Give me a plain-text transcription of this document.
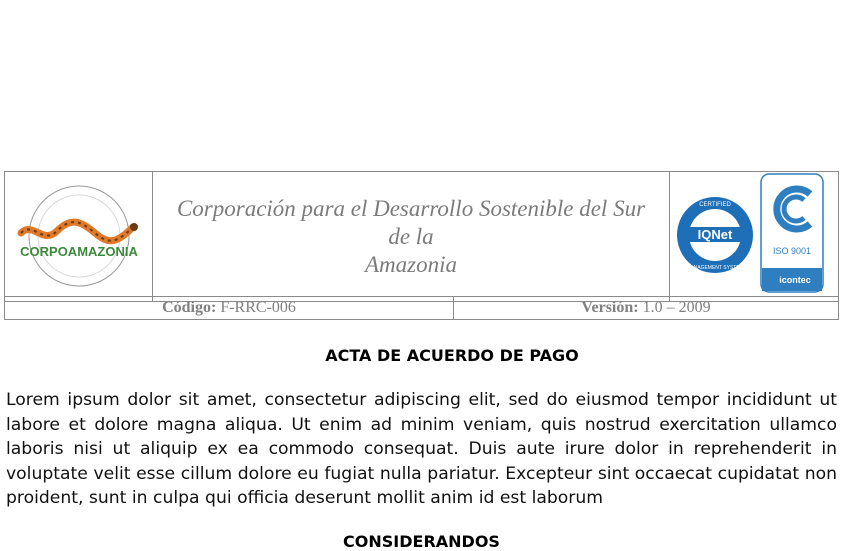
CORPOAMAZONIA

Corporación para el Desarrollo Sostenible del Sur de la
Amazonia

IQNet
CERTIFIED
MANAGEMENT SYSTEM
ISO 9001
icontec
Código: F-RRC-006	Versión: 1.0 – 2009
ACTA DE ACUERDO DE PAGO
Lorem ipsum dolor sit amet, consectetur adipiscing elit, sed do eiusmod tempor incididunt ut labore et dolore magna aliqua. Ut enim ad minim veniam, quis nostrud exercitation ullamco laboris nisi ut aliquip ex ea commodo consequat. Duis aute irure dolor in reprehenderit in voluptate velit esse cillum dolore eu fugiat nulla pariatur. Excepteur sint occaecat cupidatat non proident, sunt in culpa qui officia deserunt mollit anim id est laborum
CONSIDERANDOS
